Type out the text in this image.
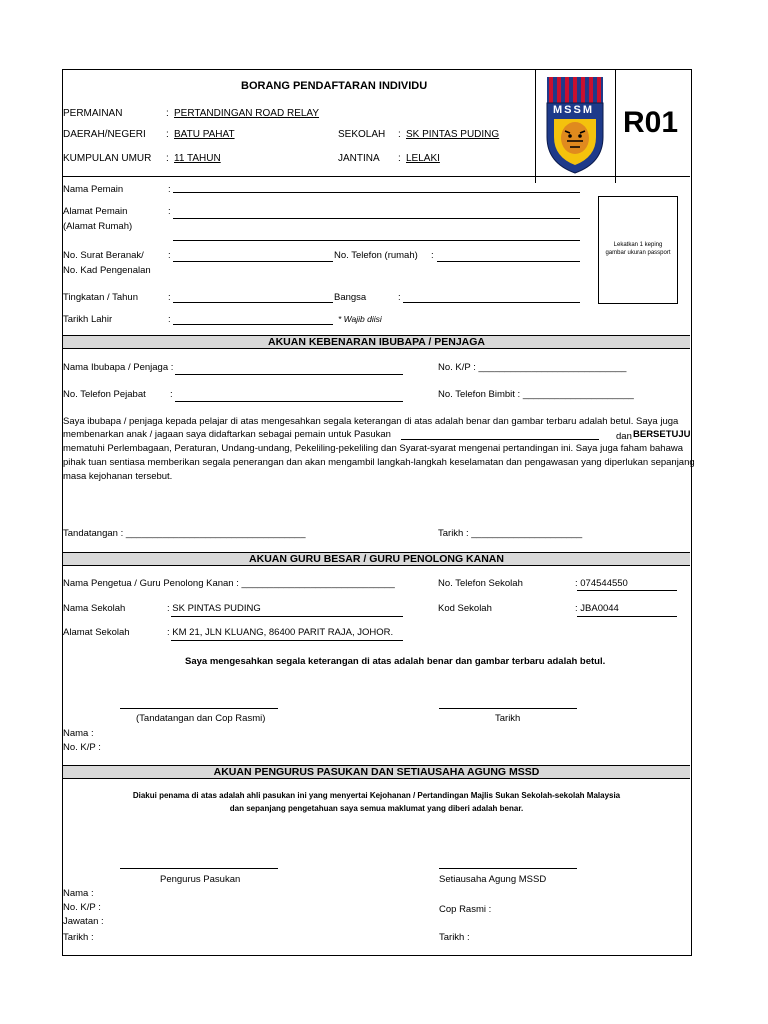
BORANG PENDAFTARAN INDIVIDU
R01
MSSM
PERMAINAN	: PERTANDINGAN ROAD RELAY
DAERAH/NEGERI : BATU PAHAT	SEKOLAH : SK PINTAS PUDING
KUMPULAN UMUR : 11 TAHUN	JANTINA : LELAKI
Nama Pemain	:
Alamat Pemain	:
(Alamat Rumah)
No. Surat Beranak/	:	No. Telefon (rumah) :
No. Kad Pengenalan
Tingkatan / Tahun	:	Bangsa	:
Tarikh Lahir	:	* Wajib diisi
Lekatkan 1 keping
gambar ukuran passport
AKUAN KEBENARAN IBUBAPA / PENJAGA
Nama Ibubapa / Penjaga :	No. K/P : ____________________________
No. Telefon Pejabat	:	No. Telefon Bimbit : _____________________
Saya ibubapa / penjaga kepada pelajar di atas mengesahkan segala keterangan di atas adalah benar dan gambar terbaru adalah betul. Saya juga
membenarkan anak / jagaan saya didaftarkan sebagai pemain untuk Pasukan	dan BERSETUJU
mematuhi Perlembagaan, Peraturan, Undang-undang, Pekeliling-pekeliling dan Syarat-syarat mengenai pertandingan ini. Saya juga faham bahawa
pihak tuan sentiasa memberikan segala penerangan dan akan mengambil langkah-langkah keselamatan dan pengawasan yang diperlukan sepanjang
masa kejohanan tersebut.
Tandatangan : __________________________________	Tarikh : _____________________
AKUAN GURU BESAR / GURU PENOLONG KANAN
Nama Pengetua / Guru Penolong Kanan : _____________________________	No. Telefon Sekolah	: 074544550
Nama Sekolah	: SK PINTAS PUDING	Kod Sekolah	: JBA0044
Alamat Sekolah	: KM 21, JLN KLUANG, 86400 PARIT RAJA, JOHOR.
Saya mengesahkan segala keterangan di atas adalah benar dan gambar terbaru adalah betul.
(Tandatangan dan Cop Rasmi)	Tarikh
Nama :
No. K/P :
AKUAN PENGURUS PASUKAN DAN SETIAUSAHA AGUNG MSSD
Diakui penama di atas adalah ahli pasukan ini yang menyertai Kejohanan / Pertandingan Majlis Sukan Sekolah-sekolah Malaysia
dan sepanjang pengetahuan saya semua maklumat yang diberi adalah benar.
Pengurus Pasukan	Setiausaha Agung MSSD
Nama :
No. K/P :
Jawatan :
Tarikh :
Cop Rasmi :
Tarikh :
